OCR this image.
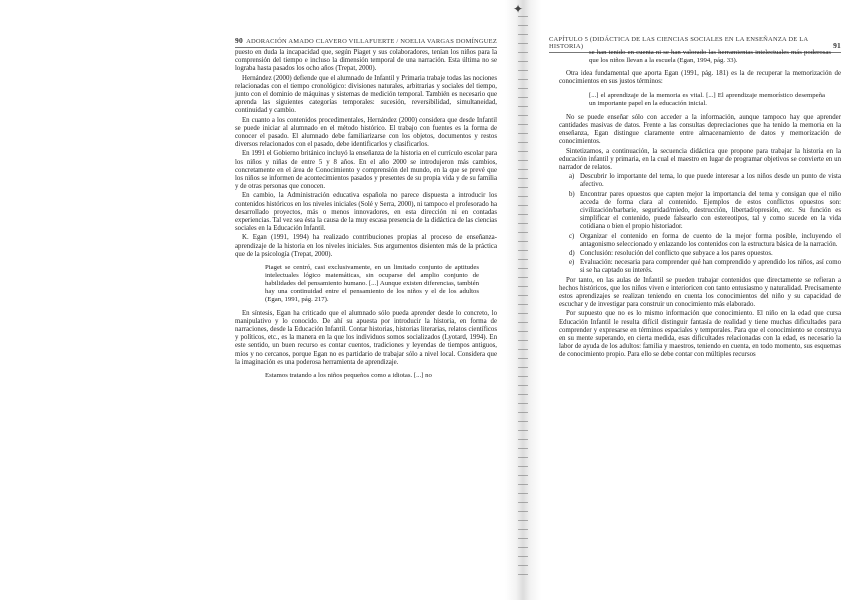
✦
90 ADORACIÓN AMADO CLAVERO VILLAFUERTE / NOELIA VARGAS DOMÍNGUEZ

puesto en duda la incapacidad que, según Piaget y sus colaboradores, tenían los niños para la comprensión del tiempo e incluso la dimensión temporal de una narración. Esta última no se lograba hasta pasados los ocho años (Trepat, 2000).

Hernández (2000) defiende que el alumnado de Infantil y Primaria trabaje todas las nociones relacionadas con el tiempo cronológico: divisiones naturales, arbitrarias y sociales del tiempo, junto con el dominio de máquinas y sistemas de medición temporal. También es necesario que aprenda las siguientes categorías temporales: sucesión, reversibilidad, simultaneidad, continuidad y cambio.

En cuanto a los contenidos procedimentales, Hernández (2000) considera que desde Infantil se puede iniciar al alumnado en el método histórico. El trabajo con fuentes es la forma de conocer el pasado. El alumnado debe familiarizarse con los objetos, documentos y restos diversos relacionados con el pasado, debe identificarlos y clasificarlos.

En 1991 el Gobierno británico incluyó la enseñanza de la historia en el currículo escolar para los niños y niñas de entre 5 y 8 años. En el año 2000 se introdujeron más cambios, concretamente en el área de Conocimiento y comprensión del mundo, en la que se prevé que los niños se informen de acontecimientos pasados y presentes de su propia vida y de su familia y de otras personas que conocen.

En cambio, la Administración educativa española no parece dispuesta a introducir los contenidos históricos en los niveles iniciales (Solé y Serra, 2000), ni tampoco el profesorado ha desarrollado proyectos, más o menos innovadores, en esta dirección ni en contadas experiencias. Tal vez sea ésta la causa de la muy escasa presencia de la didáctica de las ciencias sociales en la Educación Infantil.

K. Egan (1991, 1994) ha realizado contribuciones propias al proceso de enseñanza-aprendizaje de la historia en los niveles iniciales. Sus argumentos disienten más de la práctica que de la psicología (Trepat, 2000).

Piaget se centró, casi exclusivamente, en un limitado conjunto de aptitudes intelectuales lógico matemáticas, sin ocuparse del amplio conjunto de habilidades del pensamiento humano. [...] Aunque existen diferencias, también hay una continuidad entre el pensamiento de los niños y el de los adultos (Egan, 1991, pág. 217).

En síntesis, Egan ha criticado que el alumnado sólo pueda aprender desde lo concreto, lo manipulativo y lo conocido. De ahí su apuesta por introducir la historia, en forma de narraciones, desde la Educación Infantil. Contar historias, historias literarias, relatos científicos y políticos, etc., es la manera en la que los individuos somos socializados (Lyotard, 1994). En este sentido, un buen recurso es contar cuentos, tradiciones y leyendas de tiempos antiguos, míos y no cercanos, porque Egan no es partidario de trabajar sólo a nivel local. Considera que la imaginación es una poderosa herramienta de aprendizaje.

Estamos tratando a los niños pequeños como a idiotas. [...] no
CAPÍTULO 5 (DIDÁCTICA DE LAS CIENCIAS SOCIALES EN LA ENSEÑANZA DE LA HISTORIA)	91
se han tenido en cuenta ni se han valorado las herramientas intelectuales más poderosas que los niños llevan a la escuela (Egan, 1994, pág. 33).

Otra idea fundamental que aporta Egan (1991, pág. 181) es la de recuperar la memorización de conocimientos en sus justos términos:

[...] el aprendizaje de la memoria es vital. [...] El aprendizaje memorístico desempeña un importante papel en la educación inicial.

No se puede enseñar sólo con acceder a la información, aunque tampoco hay que aprender cantidades masivas de datos. Frente a las consultas depreciaciones que ha tenido la memoria en la enseñanza, Egan distingue claramente entre almacenamiento de datos y memorización de conocimientos.

Sintetizamos, a continuación, la secuencia didáctica que propone para trabajar la historia en la educación infantil y primaria, en la cual el maestro en lugar de programar objetivos se convierte en un narrador de relatos.

a) Descubrir lo importante del tema, lo que puede interesar a los niños desde un punto de vista afectivo.
b) Encontrar pares opuestos que capten mejor la importancia del tema y consigan que el niño acceda de forma clara al contenido. Ejemplos de estos conflictos opuestos son: civilización/barbarie, seguridad/miedo, destrucción, libertad/opresión, etc. Su función es simplificar el contenido, puede falsearlo con estereotipos, tal y como sucede en la vida cotidiana o bien el propio historiador.
c) Organizar el contenido en forma de cuento de la mejor forma posible, incluyendo el antagonismo seleccionado y enlazando los contenidos con la estructura básica de la narración.
d) Conclusión: resolución del conflicto que subyace a los pares opuestos.
e) Evaluación: necesaria para comprender qué han comprendido y aprendido los niños, así como si se ha captado su interés.

Por tanto, en las aulas de Infantil se pueden trabajar contenidos que directamente se refieran a hechos históricos, que los niños viven e interioricen con tanto entusiasmo y naturalidad. Precisamente estos aprendizajes se realizan teniendo en cuenta los conocimientos del niño y su capacidad de escuchar y de investigar para construir un conocimiento más elaborado.

Por supuesto que no es lo mismo información que conocimiento. El niño en la edad que cursa Educación Infantil le resulta difícil distinguir fantasía de realidad y tiene muchas dificultades para comprender y expresarse en términos espaciales y temporales. Para que el conocimiento se construya en su mente superando, en cierta medida, esas dificultades relacionadas con la edad, es necesario la labor de ayuda de los adultos: familia y maestros, teniendo en cuenta, en todo momento, sus esquemas de conocimiento propio. Para ello se debe contar con múltiples recursos
